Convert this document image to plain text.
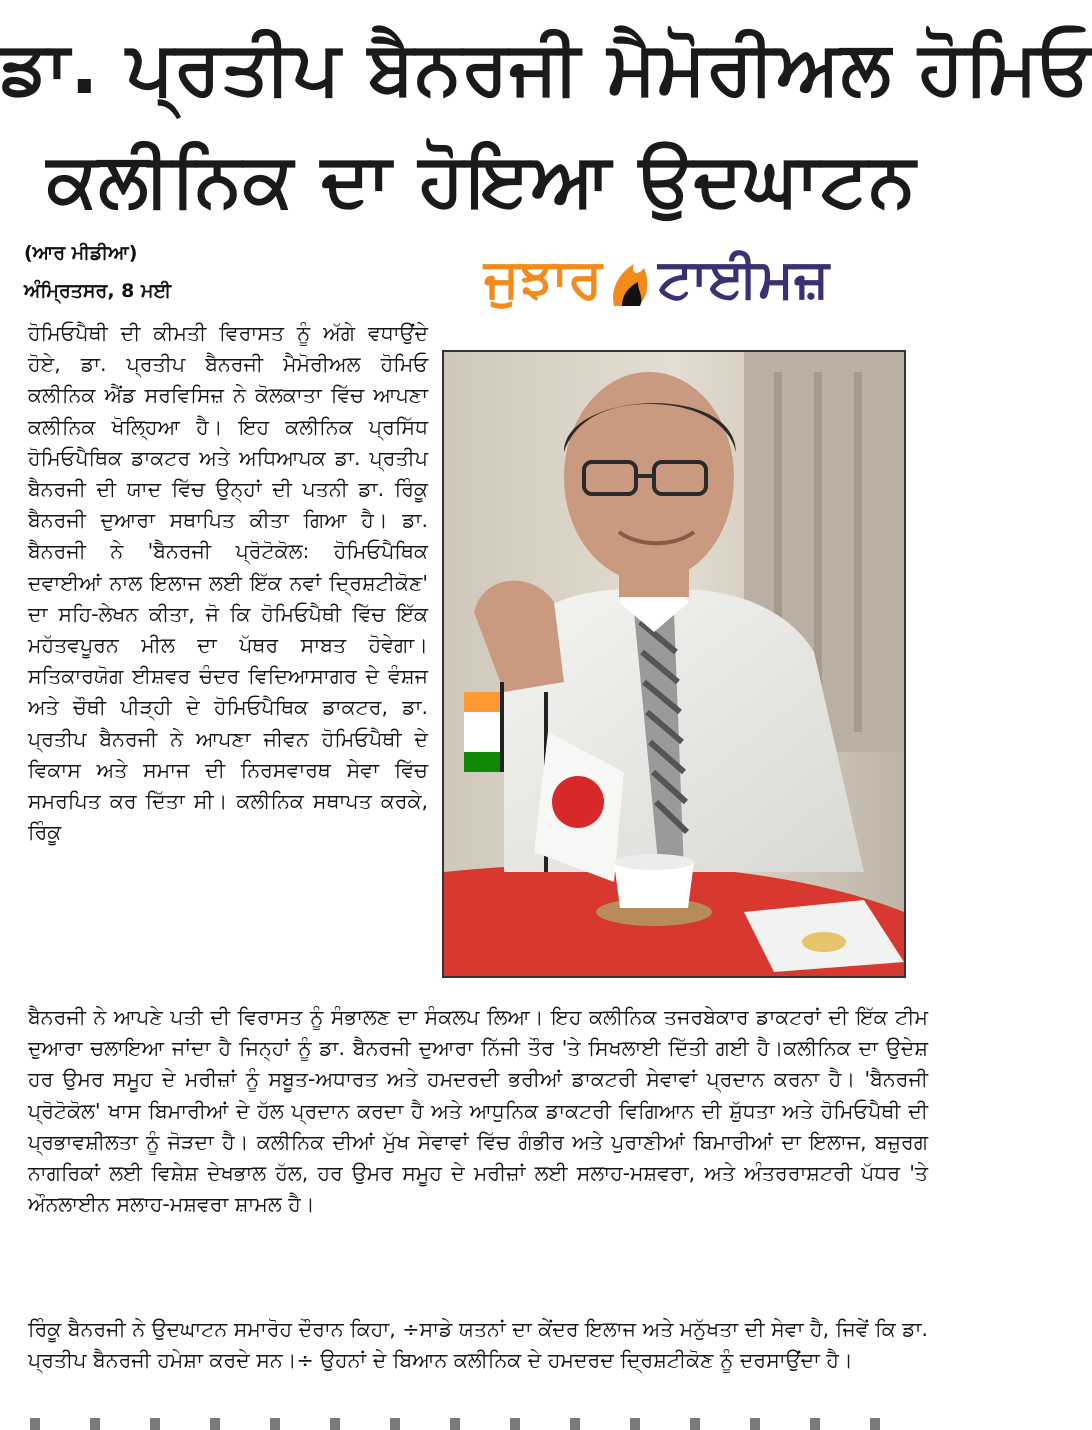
ਡਾ. ਪ੍ਰਤੀਪ ਬੈਨਰਜੀ ਮੈਮੋਰੀਅਲ ਹੋਮਿਓ
ਕਲੀਨਿਕ ਦਾ ਹੋਇਆ ਉਦਘਾਟਨ
(ਆਰ ਮੀਡੀਆ)
ਅੰਮ੍ਰਿਤਸਰ, 8 ਮਈ	ਜੁਝਾਰ ਟਾਈਮਜ਼
ਹੋਮਿਓਪੈਥੀ ਦੀ ਕੀਮਤੀ ਵਿਰਾਸਤ ਨੂੰ ਅੱਗੇ ਵਧਾਉਂਦੇ ਹੋਏ, ਡਾ. ਪ੍ਰਤੀਪ ਬੈਨਰਜੀ ਮੈਮੋਰੀਅਲ ਹੋਮਿਓ ਕਲੀਨਿਕ ਐਂਡ ਸਰਵਿਸਿਜ਼ ਨੇ ਕੋਲਕਾਤਾ ਵਿੱਚ ਆਪਣਾ ਕਲੀਨਿਕ ਖੋਲ੍ਹਿਆ ਹੈ। ਇਹ ਕਲੀਨਿਕ ਪ੍ਰਸਿੱਧ ਹੋਮਿਓਪੈਥਿਕ ਡਾਕਟਰ ਅਤੇ ਅਧਿਆਪਕ ਡਾ. ਪ੍ਰਤੀਪ ਬੈਨਰਜੀ ਦੀ ਯਾਦ ਵਿੱਚ ਉਨ੍ਹਾਂ ਦੀ ਪਤਨੀ ਡਾ. ਰਿੰਕੂ ਬੈਨਰਜੀ ਦੁਆਰਾ ਸਥਾਪਿਤ ਕੀਤਾ ਗਿਆ ਹੈ। ਡਾ. ਬੈਨਰਜੀ ਨੇ 'ਬੈਨਰਜੀ ਪ੍ਰੋਟੋਕੋਲ: ਹੋਮਿਓਪੈਥਿਕ ਦਵਾਈਆਂ ਨਾਲ ਇਲਾਜ ਲਈ ਇੱਕ ਨਵਾਂ ਦ੍ਰਿਸ਼ਟੀਕੋਣ' ਦਾ ਸਹਿ-ਲੇਖਨ ਕੀਤਾ, ਜੋ ਕਿ ਹੋਮਿਓਪੈਥੀ ਵਿੱਚ ਇੱਕ ਮਹੱਤਵਪੂਰਨ ਮੀਲ ਦਾ ਪੱਥਰ ਸਾਬਤ ਹੋਵੇਗਾ। ਸਤਿਕਾਰਯੋਗ ਈਸ਼ਵਰ ਚੰਦਰ ਵਿਦਿਆਸਾਗਰ ਦੇ ਵੰਸ਼ਜ ਅਤੇ ਚੌਥੀ ਪੀੜ੍ਹੀ ਦੇ ਹੋਮਿਓਪੈਥਿਕ ਡਾਕਟਰ, ਡਾ. ਪ੍ਰਤੀਪ ਬੈਨਰਜੀ ਨੇ ਆਪਣਾ ਜੀਵਨ ਹੋਮਿਓਪੈਥੀ ਦੇ ਵਿਕਾਸ ਅਤੇ ਸਮਾਜ ਦੀ ਨਿਰਸਵਾਰਥ ਸੇਵਾ ਵਿੱਚ ਸਮਰਪਿਤ ਕਰ ਦਿੱਤਾ ਸੀ। ਕਲੀਨਿਕ ਸਥਾਪਤ ਕਰਕੇ, ਰਿੰਕੂ
ਬੈਨਰਜੀ ਨੇ ਆਪਣੇ ਪਤੀ ਦੀ ਵਿਰਾਸਤ ਨੂੰ ਸੰਭਾਲਣ ਦਾ ਸੰਕਲਪ ਲਿਆ। ਇਹ ਕਲੀਨਿਕ ਤਜਰਬੇਕਾਰ ਡਾਕਟਰਾਂ ਦੀ ਇੱਕ ਟੀਮ ਦੁਆਰਾ ਚਲਾਇਆ ਜਾਂਦਾ ਹੈ ਜਿਨ੍ਹਾਂ ਨੂੰ ਡਾ. ਬੈਨਰਜੀ ਦੁਆਰਾ ਨਿੱਜੀ ਤੌਰ 'ਤੇ ਸਿਖਲਾਈ ਦਿੱਤੀ ਗਈ ਹੈ।ਕਲੀਨਿਕ ਦਾ ਉਦੇਸ਼ ਹਰ ਉਮਰ ਸਮੂਹ ਦੇ ਮਰੀਜ਼ਾਂ ਨੂੰ ਸਬੂਤ-ਅਧਾਰਤ ਅਤੇ ਹਮਦਰਦੀ ਭਰੀਆਂ ਡਾਕਟਰੀ ਸੇਵਾਵਾਂ ਪ੍ਰਦਾਨ ਕਰਨਾ ਹੈ। 'ਬੈਨਰਜੀ ਪ੍ਰੋਟੋਕੋਲ' ਖਾਸ ਬਿਮਾਰੀਆਂ ਦੇ ਹੱਲ ਪ੍ਰਦਾਨ ਕਰਦਾ ਹੈ ਅਤੇ ਆਧੁਨਿਕ ਡਾਕਟਰੀ ਵਿਗਿਆਨ ਦੀ ਸ਼ੁੱਧਤਾ ਅਤੇ ਹੋਮਿਓਪੈਥੀ ਦੀ ਪ੍ਰਭਾਵਸ਼ੀਲਤਾ ਨੂੰ ਜੋੜਦਾ ਹੈ। ਕਲੀਨਿਕ ਦੀਆਂ ਮੁੱਖ ਸੇਵਾਵਾਂ ਵਿੱਚ ਗੰਭੀਰ ਅਤੇ ਪੁਰਾਣੀਆਂ ਬਿਮਾਰੀਆਂ ਦਾ ਇਲਾਜ, ਬਜ਼ੁਰਗ ਨਾਗਰਿਕਾਂ ਲਈ ਵਿਸ਼ੇਸ਼ ਦੇਖਭਾਲ ਹੱਲ, ਹਰ ਉਮਰ ਸਮੂਹ ਦੇ ਮਰੀਜ਼ਾਂ ਲਈ ਸਲਾਹ-ਮਸ਼ਵਰਾ, ਅਤੇ ਅੰਤਰਰਾਸ਼ਟਰੀ ਪੱਧਰ 'ਤੇ ਔਨਲਾਈਨ ਸਲਾਹ-ਮਸ਼ਵਰਾ ਸ਼ਾਮਲ ਹੈ।
ਰਿੰਕੂ ਬੈਨਰਜੀ ਨੇ ਉਦਘਾਟਨ ਸਮਾਰੋਹ ਦੌਰਾਨ ਕਿਹਾ, ÷ਸਾਡੇ ਯਤਨਾਂ ਦਾ ਕੇਂਦਰ ਇਲਾਜ ਅਤੇ ਮਨੁੱਖਤਾ ਦੀ ਸੇਵਾ ਹੈ, ਜਿਵੇਂ ਕਿ ਡਾ. ਪ੍ਰਤੀਪ ਬੈਨਰਜੀ ਹਮੇਸ਼ਾ ਕਰਦੇ ਸਨ।÷ ਉਹਨਾਂ ਦੇ ਬਿਆਨ ਕਲੀਨਿਕ ਦੇ ਹਮਦਰਦ ਦ੍ਰਿਸ਼ਟੀਕੋਣ ਨੂੰ ਦਰਸਾਉਂਦਾ ਹੈ।
